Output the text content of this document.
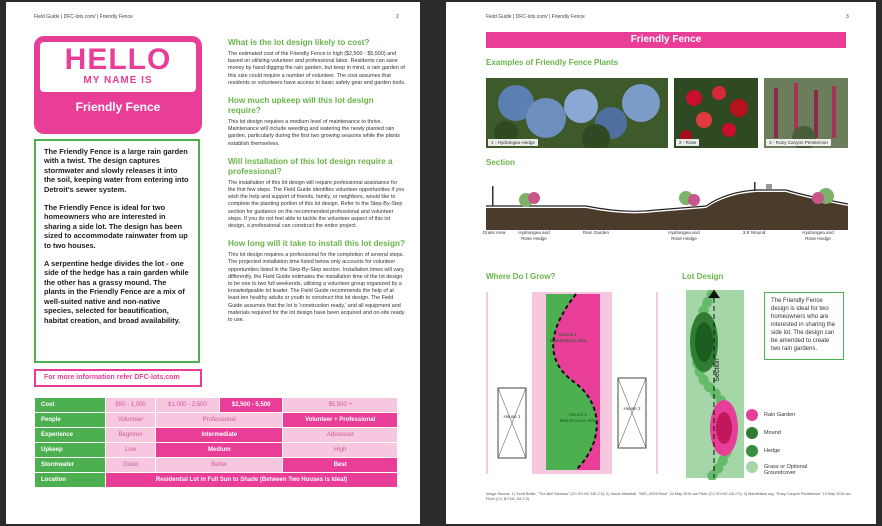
Field Guide | DFC-lots.com/ | Friendly Fence	2
HELLO
MY NAME IS
Friendly Fence

The Friendly Fence is a large rain garden with a twist. The design captures stormwater and slowly releases it into the soil, keeping water from entering into Detroit's sewer system.

The Friendly Fence is ideal for two homeowners who are interested in sharing a side lot. The design has been sized to accommodate rainwater from up to two houses.

A serpentine hedge divides the lot - one side of the hedge has a rain garden while the other has a grassy mound. The plants in the Friendly Fence are a mix of well-suited native and non-native species, selected for beautification, habitat creation, and broad availability.

For more information refer DFC-lots.com
Cost	$50 - 1,000	$1,000 - 2,500	$2,500 - 5,500	$5,500 +
People	Volunteer	Professional		Volunteer + Professional
Experience	Beginner	Intermediate		Advanced
Upkeep	Low	Medium		High
Stormwater	Good	Better		Best
Location	Residential Lot in Full Sun to Shade (Between Two Houses is Ideal)			
What is the lot design likely to cost?
The estimated cost of the Friendly Fence is high ($2,500 - $5,500) and based on utilizing volunteer and professional labor. Residents can save money by hand digging the rain garden, but keep in mind, a rain garden of this size could require a number of volunteer. The cost assumes that residents or volunteers have access to basic safety gear and garden tools.
How much upkeep will this lot design require?
This lot design requires a medium level of maintenance to thrive. Maintenance will include weeding and watering the newly planted rain garden, particularly during the first two growing seasons while the plants establish themselves.
Will installation of this lot design require a professional?
The installation of this lot design will require professional assistance for the first few steps. The Field Guide identifies volunteer opportunities if you wish the help and support of friends, family, or neighbors, would like to complete the planting portion of this lot design. Refer to the Step-By-Step section for guidance on the recommended professional and volunteer steps. If you do not feel able to tackle the volunteer aspect of this lot design, a professional can construct the entire project.
How long will it take to install this lot design?
This lot design requires a professional for the completion of several steps. The projected installation time listed below only accounts for volunteer opportunities listed in the Step-By-Step section. Installation times will vary, differently, the Field Guide estimates the installation time of the lot design to be one to two full weekends, utilizing a volunteer group organized by a knowledgeable lot leader. The Field Guide recommends the help of at least ten healthy adults or youth to construct this lot design. The Field Guide assumes that the lot is 'construction ready,' and all equipment and materials required for the lot design have been acquired and on-site ready to use.
Field Guide | DFC-lots.com/ | Friendly Fence	3
Friendly Fence
Examples of Friendly Fence Plants
1 - Hydrangea Hedge	2 - Rose	3 - Ruby Canyon Penstemon
Section
Grass Area	Hydrangea and Rose Hedge
Rain Garden	Hydrangea and Rose Hedge
3.5' Mound	Hydrangea and Rose Hedge
Where Do I Grow?	Lot Design
House 1
House 2
Mound 1 Maintenance area
Mound 2 Maintenance area
Section
The Friendly Fence design is ideal for two homeowners who are interested in sharing the side lot. The design can be amended to create two rain gardens.
Rain Garden
Mound
Hedge
Grass or Optional Groundcover
Image Source: 1) Scott Butler, "The Bell Sedums" (CC BY-NC-ND 2.0); 2) Jacob Marshall, "IMG_0033 Rose" 24 May 2015 via Flickr (CC BY-NC-SA 2.0); 3) Marbleface.org, "Ruby Canyon Penstemon" 19 May 2015 via Flickr (CC BY-NC-SA 2.0).
